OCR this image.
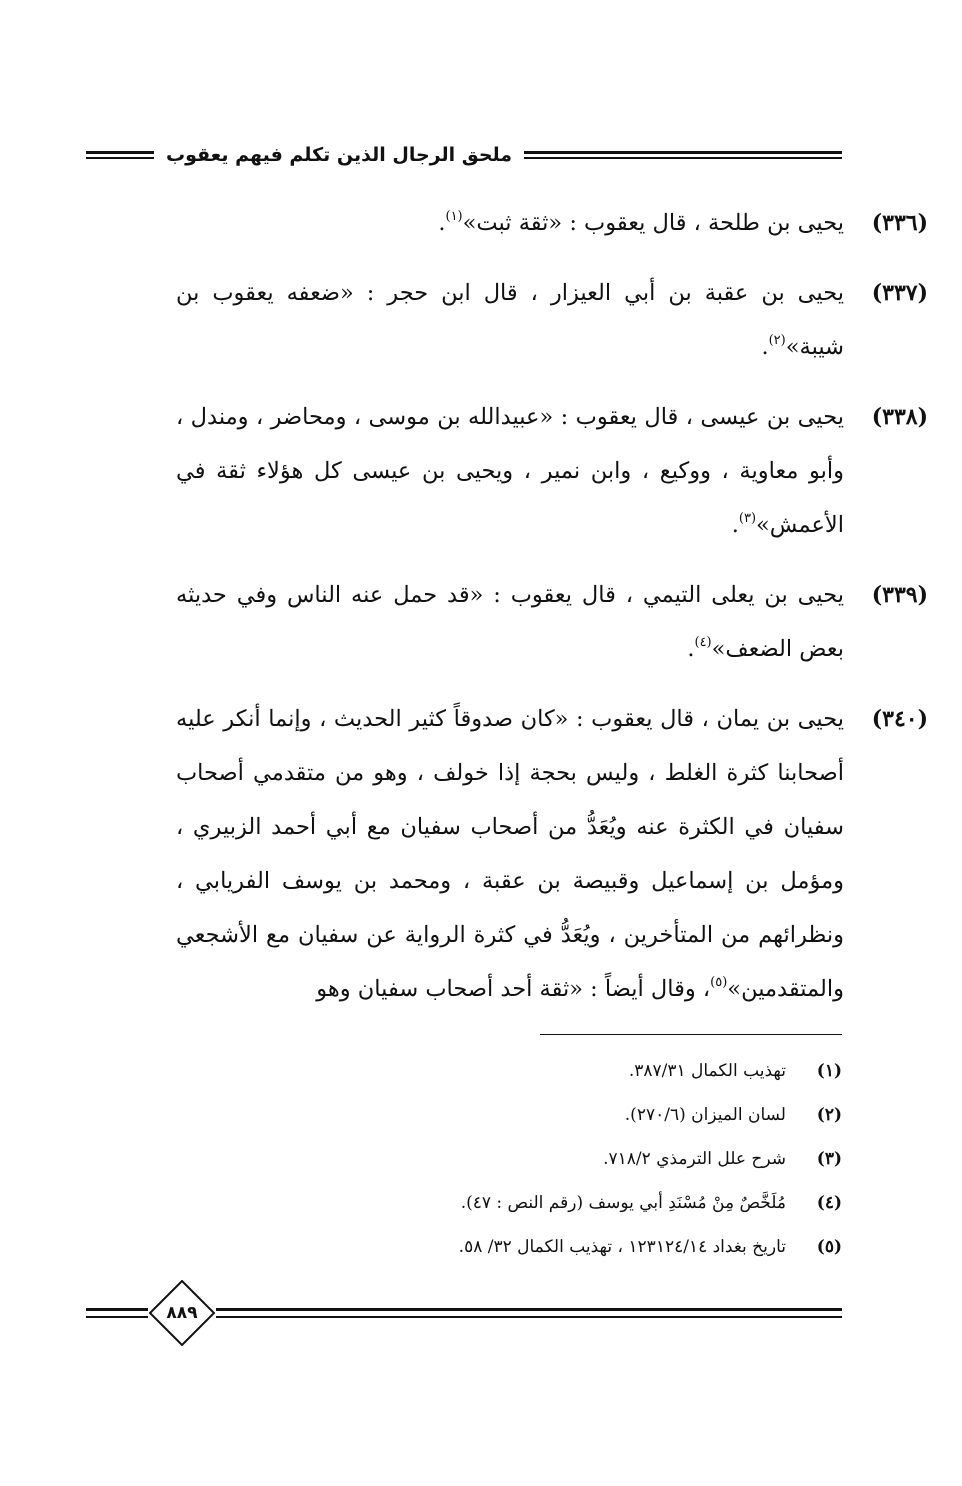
ملحق الرجال الذين تكلم فيهم يعقوب
(٣٣٦)
يحيى بن طلحة ، قال يعقوب : «ثقة ثبت»$^{(١)}$.
(٣٣٧)
يحيى بن عقبة بن أبي العيزار ، قال ابن حجر : «ضعفه يعقوب بن شيبة»$^{(٢)}$.
(٣٣٨)
يحيى بن عيسى ، قال يعقوب : «عبيدالله بن موسى ، ومحاضر ، ومندل ، وأبو معاوية ، ووكيع ، وابن نمير ، ويحيى بن عيسى كل هؤلاء ثقة في الأعمش»$^{(٣)}$.
(٣٣٩)
يحيى بن يعلى التيمي ، قال يعقوب : «قد حمل عنه الناس وفي حديثه بعض الضعف»$^{(٤)}$.
(٣٤٠)
يحيى بن يمان ، قال يعقوب : «كان صدوقاً كثير الحديث ، وإنما أنكر عليه أصحابنا كثرة الغلط ، وليس بحجة إذا خولف ، وهو من متقدمي أصحاب سفيان في الكثرة عنه ويُعَدُّ من أصحاب سفيان مع أبي أحمد الزبيري ، ومؤمل بن إسماعيل وقبيصة بن عقبة ، ومحمد بن يوسف الفريابي ، ونظرائهم من المتأخرين ، ويُعَدُّ في كثرة الرواية عن سفيان مع الأشجعي والمتقدمين»$^{(٥)}$، وقال أيضاً : «ثقة أحد أصحاب سفيان وهو
(١)
تهذيب الكمال ٣٨٧/٣١.
(٢)
لسان الميزان (٢٧٠/٦).
(٣)
شرح علل الترمذي ٧١٨/٢.
(٤)
مُلَخَّصٌ مِنْ مُسْنَدِ أبي يوسف (رقم النص : ٤٧).
(٥)
تاريخ بغداد ١٢٣١٢٤/١٤ ، تهذيب الكمال ٣٢/ ٥٨.
٨٨٩
